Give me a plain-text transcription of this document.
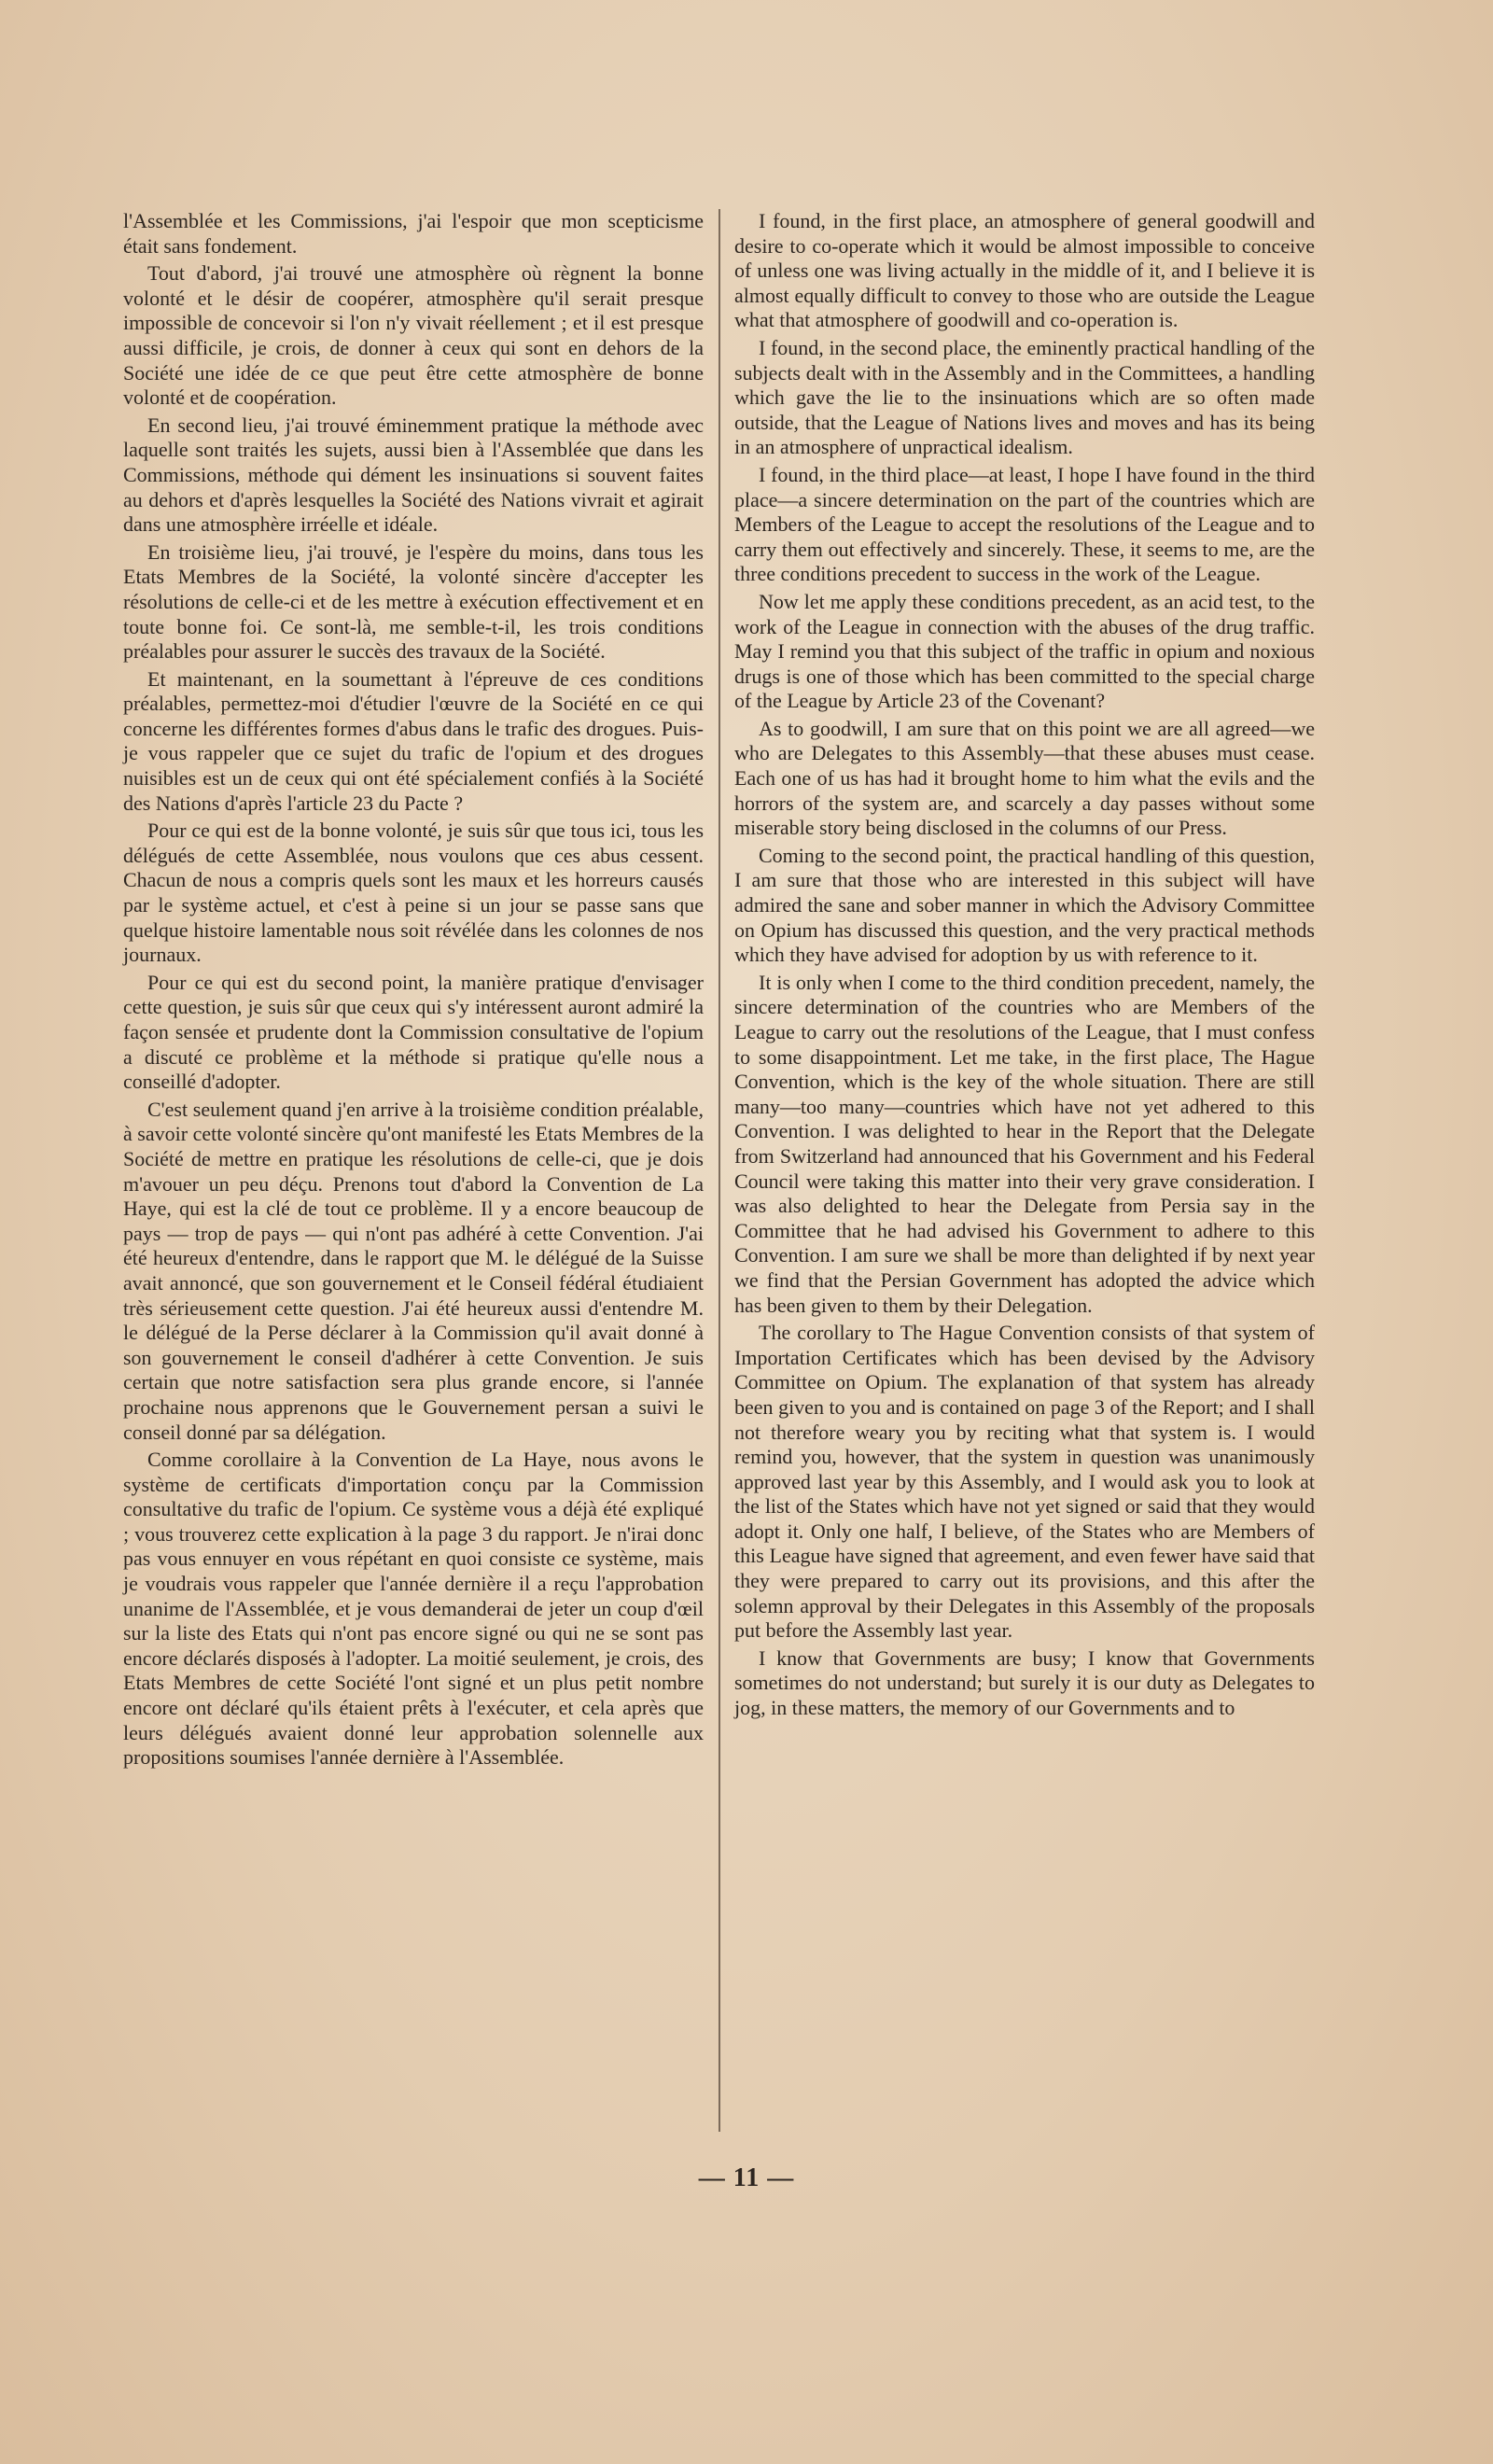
l'Assemblée et les Commissions, j'ai l'espoir que mon scepticisme était sans fondement.

Tout d'abord, j'ai trouvé une atmosphère où règnent la bonne volonté et le désir de coopérer, atmosphère qu'il serait presque impossible de concevoir si l'on n'y vivait réellement ; et il est presque aussi difficile, je crois, de donner à ceux qui sont en dehors de la Société une idée de ce que peut être cette atmosphère de bonne volonté et de coopération.

En second lieu, j'ai trouvé éminemment pratique la méthode avec laquelle sont traités les sujets, aussi bien à l'Assemblée que dans les Commissions, méthode qui dément les insinuations si souvent faites au dehors et d'après lesquelles la Société des Nations vivrait et agirait dans une atmosphère irréelle et idéale.

En troisième lieu, j'ai trouvé, je l'espère du moins, dans tous les Etats Membres de la Société, la volonté sincère d'accepter les résolutions de celle-ci et de les mettre à exécution effectivement et en toute bonne foi. Ce sont-là, me semble-t-il, les trois conditions préalables pour assurer le succès des travaux de la Société.

Et maintenant, en la soumettant à l'épreuve de ces conditions préalables, permettez-moi d'étudier l'œuvre de la Société en ce qui concerne les différentes formes d'abus dans le trafic des drogues. Puis-je vous rappeler que ce sujet du trafic de l'opium et des drogues nuisibles est un de ceux qui ont été spécialement confiés à la Société des Nations d'après l'article 23 du Pacte ?

Pour ce qui est de la bonne volonté, je suis sûr que tous ici, tous les délégués de cette Assemblée, nous voulons que ces abus cessent. Chacun de nous a compris quels sont les maux et les horreurs causés par le système actuel, et c'est à peine si un jour se passe sans que quelque histoire lamentable nous soit révélée dans les colonnes de nos journaux.

Pour ce qui est du second point, la manière pratique d'envisager cette question, je suis sûr que ceux qui s'y intéressent auront admiré la façon sensée et prudente dont la Commission consultative de l'opium a discuté ce problème et la méthode si pratique qu'elle nous a conseillé d'adopter.

C'est seulement quand j'en arrive à la troisième condition préalable, à savoir cette volonté sincère qu'ont manifesté les Etats Membres de la Société de mettre en pratique les résolutions de celle-ci, que je dois m'avouer un peu déçu. Prenons tout d'abord la Convention de La Haye, qui est la clé de tout ce problème. Il y a encore beaucoup de pays — trop de pays — qui n'ont pas adhéré à cette Convention. J'ai été heureux d'entendre, dans le rapport que M. le délégué de la Suisse avait annoncé, que son gouvernement et le Conseil fédéral étudiaient très sérieusement cette question. J'ai été heureux aussi d'entendre M. le délégué de la Perse déclarer à la Commission qu'il avait donné à son gouvernement le conseil d'adhérer à cette Convention. Je suis certain que notre satisfaction sera plus grande encore, si l'année prochaine nous apprenons que le Gouvernement persan a suivi le conseil donné par sa délégation.

Comme corollaire à la Convention de La Haye, nous avons le système de certificats d'importation conçu par la Commission consultative du trafic de l'opium. Ce système vous a déjà été expliqué ; vous trouverez cette explication à la page 3 du rapport. Je n'irai donc pas vous ennuyer en vous répétant en quoi consiste ce système, mais je voudrais vous rappeler que l'année dernière il a reçu l'approbation unanime de l'Assemblée, et je vous demanderai de jeter un coup d'œil sur la liste des Etats qui n'ont pas encore signé ou qui ne se sont pas encore déclarés disposés à l'adopter. La moitié seulement, je crois, des Etats Membres de cette Société l'ont signé et un plus petit nombre encore ont déclaré qu'ils étaient prêts à l'exécuter, et cela après que leurs délégués avaient donné leur approbation solennelle aux propositions soumises l'année dernière à l'Assemblée.

I found, in the first place, an atmosphere of general goodwill and desire to co-operate which it would be almost impossible to conceive of unless one was living actually in the middle of it, and I believe it is almost equally difficult to convey to those who are outside the League what that atmosphere of goodwill and co-operation is.

I found, in the second place, the eminently practical handling of the subjects dealt with in the Assembly and in the Committees, a handling which gave the lie to the insinuations which are so often made outside, that the League of Nations lives and moves and has its being in an atmosphere of unpractical idealism.

I found, in the third place—at least, I hope I have found in the third place—a sincere determination on the part of the countries which are Members of the League to accept the resolutions of the League and to carry them out effectively and sincerely. These, it seems to me, are the three conditions precedent to success in the work of the League.

Now let me apply these conditions precedent, as an acid test, to the work of the League in connection with the abuses of the drug traffic. May I remind you that this subject of the traffic in opium and noxious drugs is one of those which has been committed to the special charge of the League by Article 23 of the Covenant?

As to goodwill, I am sure that on this point we are all agreed—we who are Delegates to this Assembly—that these abuses must cease. Each one of us has had it brought home to him what the evils and the horrors of the system are, and scarcely a day passes without some miserable story being disclosed in the columns of our Press.

Coming to the second point, the practical handling of this question, I am sure that those who are interested in this subject will have admired the sane and sober manner in which the Advisory Committee on Opium has discussed this question, and the very practical methods which they have advised for adoption by us with reference to it.

It is only when I come to the third condition precedent, namely, the sincere determination of the countries who are Members of the League to carry out the resolutions of the League, that I must confess to some disappointment. Let me take, in the first place, The Hague Convention, which is the key of the whole situation. There are still many—too many—countries which have not yet adhered to this Convention. I was delighted to hear in the Report that the Delegate from Switzerland had announced that his Government and his Federal Council were taking this matter into their very grave consideration. I was also delighted to hear the Delegate from Persia say in the Committee that he had advised his Government to adhere to this Convention. I am sure we shall be more than delighted if by next year we find that the Persian Government has adopted the advice which has been given to them by their Delegation.

The corollary to The Hague Convention consists of that system of Importation Certificates which has been devised by the Advisory Committee on Opium. The explanation of that system has already been given to you and is contained on page 3 of the Report; and I shall not therefore weary you by reciting what that system is. I would remind you, however, that the system in question was unanimously approved last year by this Assembly, and I would ask you to look at the list of the States which have not yet signed or said that they would adopt it. Only one half, I believe, of the States who are Members of this League have signed that agreement, and even fewer have said that they were prepared to carry out its provisions, and this after the solemn approval by their Delegates in this Assembly of the proposals put before the Assembly last year.

I know that Governments are busy; I know that Governments sometimes do not understand; but surely it is our duty as Delegates to jog, in these matters, the memory of our Governments and to

— 11 —
